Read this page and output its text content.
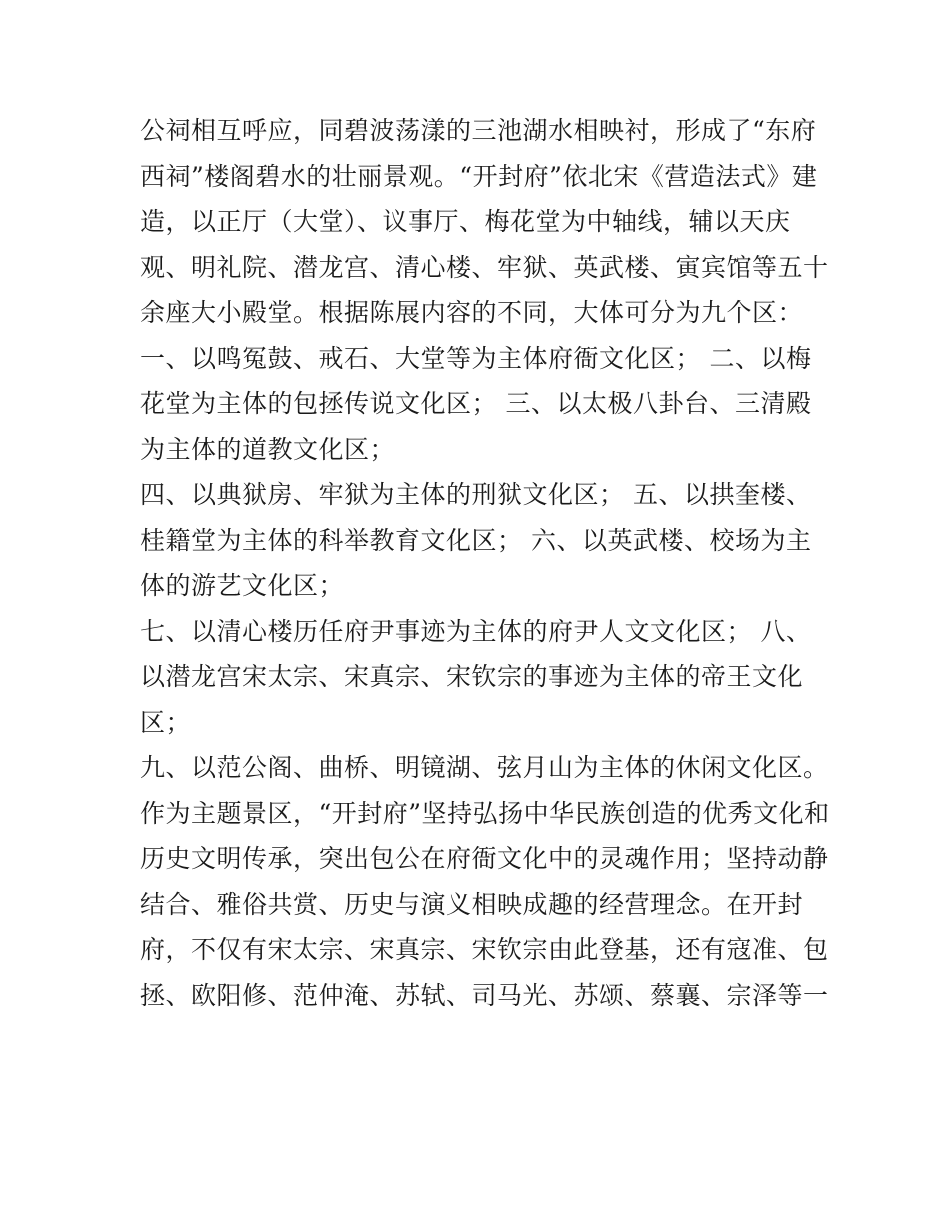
公祠相互呼应，同碧波荡漾的三池湖水相映衬，形成了“东府
西祠”楼阁碧水的壮丽景观。“开封府”依北宋《营造法式》建
造，以正厅（大堂）、议事厅、梅花堂为中轴线，辅以天庆
观、明礼院、潜龙宫、清心楼、牢狱、英武楼、寅宾馆等五十
余座大小殿堂。根据陈展内容的不同，大体可分为九个区：
一、以鸣冤鼓、戒石、大堂等为主体府衙文化区； 二、以梅
花堂为主体的包拯传说文化区； 三、以太极八卦台、三清殿
为主体的道教文化区；
四、以典狱房、牢狱为主体的刑狱文化区； 五、以拱奎楼、
桂籍堂为主体的科举教育文化区； 六、以英武楼、校场为主
体的游艺文化区；
七、以清心楼历任府尹事迹为主体的府尹人文文化区； 八、
以潜龙宫宋太宗、宋真宗、宋钦宗的事迹为主体的帝王文化
区；
九、以范公阁、曲桥、明镜湖、弦月山为主体的休闲文化区。
作为主题景区，“开封府”坚持弘扬中华民族创造的优秀文化和
历史文明传承，突出包公在府衙文化中的灵魂作用；坚持动静
结合、雅俗共赏、历史与演义相映成趣的经营理念。在开封
府，不仅有宋太宗、宋真宗、宋钦宗由此登基，还有寇准、包
拯、欧阳修、范仲淹、苏轼、司马光、苏颂、蔡襄、宗泽等一
